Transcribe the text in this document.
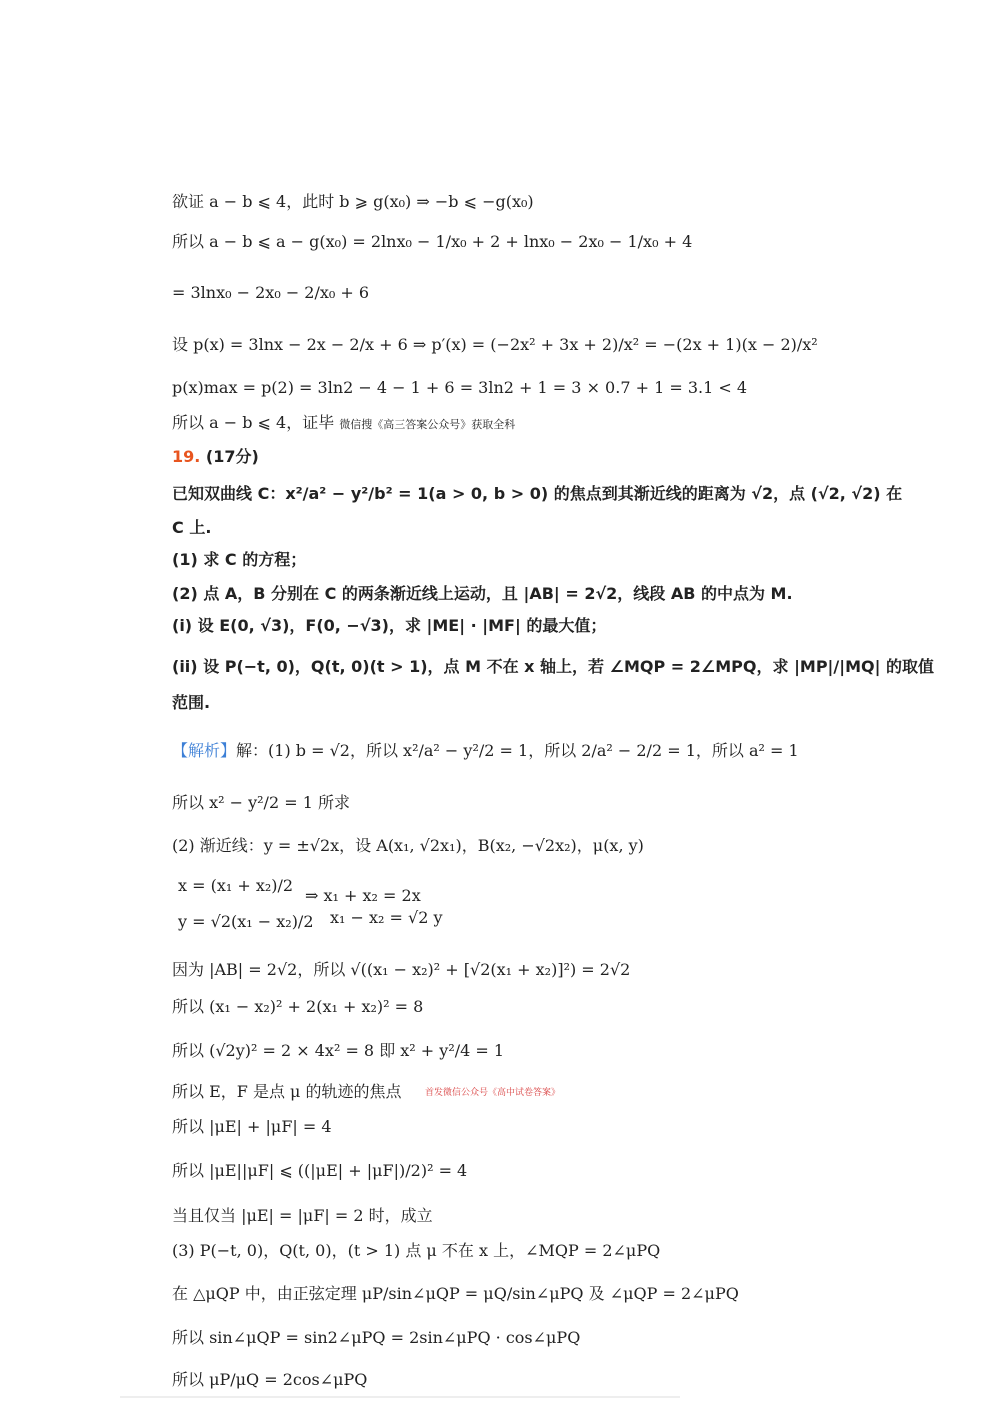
欲证 a − b ⩽ 4，此时 b ⩾ g(x₀) ⇒ −b ⩽ −g(x₀)
所以 a − b ⩽ a − g(x₀) = 2lnx₀ − 1/x₀ + 2 + lnx₀ − 2x₀ − 1/x₀ + 4
= 3lnx₀ − 2x₀ − 2/x₀ + 6
设 p(x) = 3lnx − 2x − 2/x + 6 ⇒ p′(x) = (−2x² + 3x + 2)/x² = −(2x + 1)(x − 2)/x²
p(x)max = p(2) = 3ln2 − 4 − 1 + 6 = 3ln2 + 1 = 3 × 0.7 + 1 = 3.1 < 4
所以 a − b ⩽ 4，证毕 微信搜《高三答案公众号》获取全科
19. (17分)
已知双曲线 C：x²/a² − y²/b² = 1(a > 0, b > 0) 的焦点到其渐近线的距离为 √2，点 (√2, √2) 在
C 上.
(1) 求 C 的方程；
(2) 点 A，B 分别在 C 的两条渐近线上运动，且 |AB| = 2√2，线段 AB 的中点为 M.
(i) 设 E(0, √3)，F(0, −√3)，求 |ME| · |MF| 的最大值；
(ii) 设 P(−t, 0)，Q(t, 0)(t > 1)，点 M 不在 x 轴上，若 ∠MQP = 2∠MPQ，求 |MP|/|MQ| 的取值
范围.
【解析】解：(1) b = √2，所以 x²/a² − y²/2 = 1，所以 2/a² − 2/2 = 1，所以 a² = 1
所以 x² − y²/2 = 1 所求
(2) 渐近线：y = ±√2x，设 A(x₁, √2x₁)，B(x₂, −√2x₂)，μ(x, y)
x = (x₁ + x₂)/2
y = √2(x₁ − x₂)/2
⇒ x₁ + x₂ = 2x
x₁ − x₂ = √2 y
因为 |AB| = 2√2，所以 √((x₁ − x₂)² + [√2(x₁ + x₂)]²) = 2√2
所以 (x₁ − x₂)² + 2(x₁ + x₂)² = 8
所以 (√2y)² = 2 × 4x² = 8 即 x² + y²/4 = 1
所以 E，F 是点 μ 的轨迹的焦点	首发微信公众号《高中试卷答案》
所以 |μE| + |μF| = 4
所以 |μE||μF| ⩽ ((|μE| + |μF|)/2)² = 4
当且仅当 |μE| = |μF| = 2 时，成立
(3) P(−t, 0)，Q(t, 0)，(t > 1) 点 μ 不在 x 上，∠MQP = 2∠μPQ
在 △μQP 中，由正弦定理 μP/sin∠μQP = μQ/sin∠μPQ 及 ∠μQP = 2∠μPQ
所以 sin∠μQP = sin2∠μPQ = 2sin∠μPQ · cos∠μPQ
所以 μP/μQ = 2cos∠μPQ
